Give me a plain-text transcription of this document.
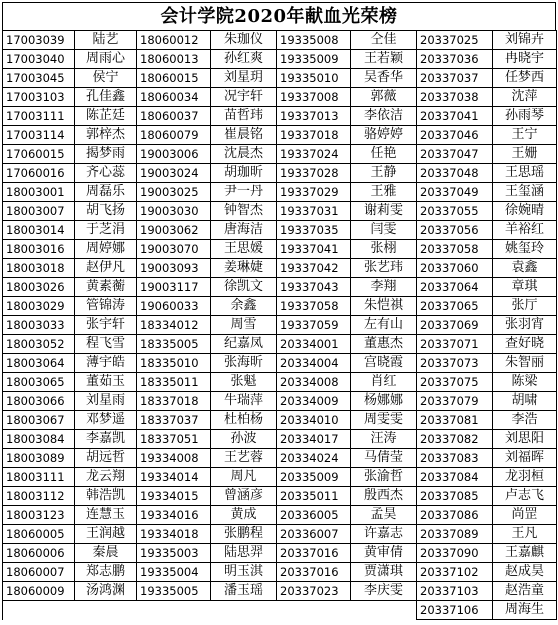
会计学院2020年献血光荣榜
17003039	陆艺	18060012	朱珈仪	19335008	仝佳	20337025	刘锦卉
17003040	周雨心	18060013	孙红爽	19335009	王若颖	20337036	冉晓宇
17003045	侯宁	18060015	刘星玥	19335010	吴香华	20337037	任梦西
17003103	孔佳鑫	18060034	况宇轩	19337008	郭薇	20337038	沈萍
17003111	陈芷廷	18060037	苗哲玮	19337013	李依洁	20337041	孙雨琴
17003114	郭梓杰	18060079	崔晨铭	19337018	骆婷婷	20337046	王宁
17060015	揭梦雨	19003006	沈晨杰	19337024	任艳	20337047	王姗
17060016	齐心蕊	19003024	胡珈昕	19337028	王静	20337048	王思瑶
18003001	周磊乐	19003025	尹一丹	19337029	王雅	20337049	王玺涵
18003007	胡飞扬	19003030	钟智杰	19337031	谢莉雯	20337055	徐婉晴
18003014	于芝涓	19003062	唐海洁	19337035	闫雯	20337056	羊裕红
18003016	周婷娜	19003070	王思媛	19337041	张栩	20337058	姚玺玲
18003018	赵伊凡	19003093	姜琳婕	19337042	张艺玮	20337060	袁鑫
18003026	黄素蘅	19003117	徐凯文	19337043	李翔	20337064	章琪
18003029	管锦涛	19060033	余鑫	19337058	朱恺祺	20337065	张厅
18003033	张宇轩	18334012	周雪	19337059	左有山	20337069	张羽宵
18003052	程飞雪	18335005	纪嘉凤	20334001	董惠杰	20337071	查好晓
18003064	薄宇皓	18335010	张海昕	20334004	宫晓霞	20337073	朱智丽
18003065	董茹玉	18335011	张魁	20334008	肖红	20337075	陈梁
18003066	刘星雨	18337018	牛瑞萍	20334009	杨娜娜	20337079	胡啸
18003067	邓梦遥	18337037	杜柏杨	20334010	周雯雯	20337081	李浩
18003084	李嘉凯	18337051	孙波	20334017	汪涛	20337082	刘思阳
18003089	胡远哲	19334008	王艺蓉	20334024	马倩莹	20337083	刘福晖
18003111	龙云翔	19334014	周凡	20335009	张渝哲	20337084	龙羽桓
18003112	韩浩凯	19334015	曾涵彦	20335011	殷西杰	20337085	卢志飞
18003123	连慧玉	19334016	黄成	20336005	孟昊	20337086	尚罡
18060005	王润越	19334018	张鹏程	20336007	许嘉志	20337089	王凡
18060006	秦晨	19335003	陆思羿	20337016	黄审倩	20337090	王嘉麒
18060007	郑志鹏	19335004	明玉淇	20337016	贾潇琪	20337102	赵成昊
18060009	汤鸿渊	19335005	潘玉瑶	20337023	李庆雯	20337103	赵浩童
						20337106	周海生
